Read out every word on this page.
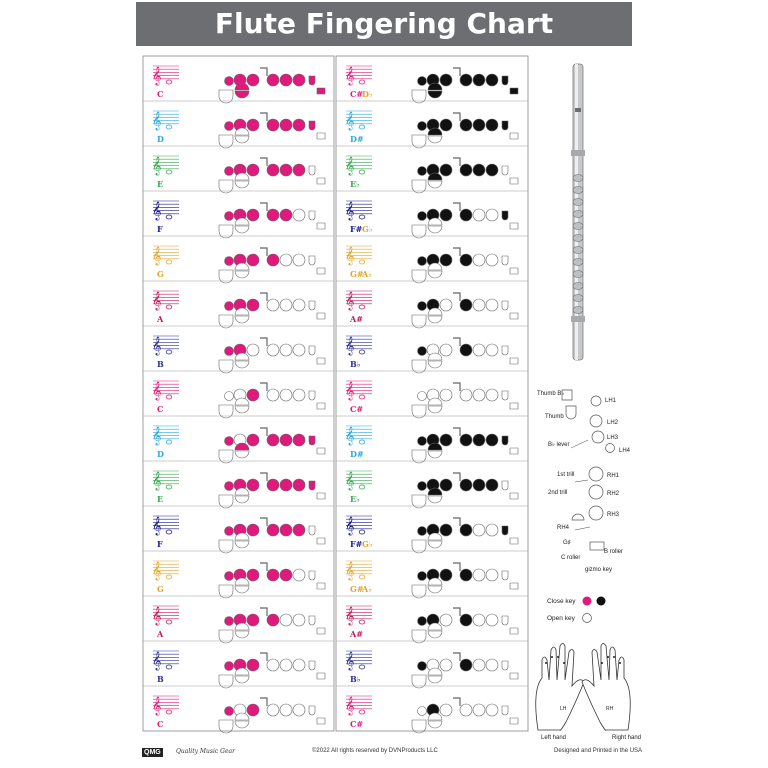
Flute Fingering Chart
𝄞
C
𝄞
D
𝄞
E
𝄞
F
𝄞
G
𝄞
A
𝄞
B
𝄞
C
𝄞
D
𝄞
E
𝄞
F
𝄞
G
𝄞
A
𝄞
B
𝄞
C
𝄞
C#
D♭
𝄞
D#
𝄞
E♭
𝄞
F# G♭
𝄞
G#
A♭
𝄞
A#
𝄞
B♭
𝄞
C#
𝄞
D#
𝄞
E♭
𝄞
F# G♭
𝄞
G#
A♭
𝄞
A#
𝄞
B♭
𝄞
C#
Thumb B♭
Thumb
LH1
LH2
LH3
B♭ lever
LH4
1st trill	RH1
2nd trill	RH2
RH3
RH4
G♯
C roller
B roller
gizmo key
Close key
Open key
LH	RH
Left hand	Right hand
QMG	Quality Music Gear	©2022 All rights reserved by DVNProducts LLC	Designed and Printed in the USA
